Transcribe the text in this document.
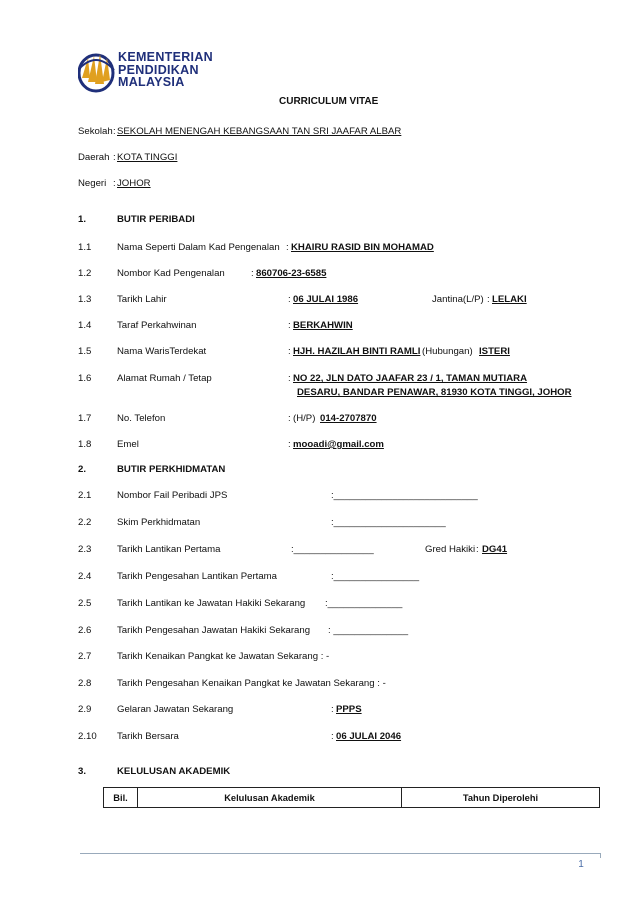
KEMENTERIAN
PENDIDIKAN
MALAYSIA
CURRICULUM VITAE
Sekolah : SEKOLAH MENENGAH KEBANGSAAN TAN SRI JAAFAR ALBAR
Daerah : KOTA TINGGI
Negeri : JOHOR
1.	BUTIR PERIBADI
1.1	Nama Seperti Dalam Kad Pengenalan : KHAIRU RASID BIN MOHAMAD
1.2	Nombor Kad Pengenalan	: 860706-23-6585
1.3	Tarikh Lahir	: 06 JULAI 1986	Jantina(L/P) : LELAKI
1.4	Taraf Perkahwinan	: BERKAHWIN
1.5	Nama WarisTerdekat	: HJH. HAZILAH BINTI RAMLI (Hubungan) ISTERI
1.6	Alamat Rumah / Tetap	: NO 22, JLN DATO JAAFAR 23 / 1, TAMAN MUTIARA
DESARU, BANDAR PENAWAR, 81930 KOTA TINGGI, JOHOR
1.7	No. Telefon	: (H/P) 014-2707870
1.8	Emel	: mooadi@gmail.com
2.	BUTIR PERKHIDMATAN
2.1	Nombor Fail Peribadi JPS	:___________________________
2.2	Skim Perkhidmatan	:_____________________
2.3	Tarikh Lantikan Pertama	:_______________	Gred Hakiki : DG41
2.4	Tarikh Pengesahan Lantikan Pertama	:________________
2.5	Tarikh Lantikan ke Jawatan Hakiki Sekarang :______________
2.6	Tarikh Pengesahan Jawatan Hakiki Sekarang : ______________
2.7	Tarikh Kenaikan Pangkat ke Jawatan Sekarang : -
2.8	Tarikh Pengesahan Kenaikan Pangkat ke Jawatan Sekarang : -
2.9	Gelaran Jawatan Sekarang	: PPPS
2.10 Tarikh Bersara	: 06 JULAI 2046
3.	KELULUSAN AKADEMIK
Bil.	Kelulusan Akademik	Tahun Diperolehi
1
